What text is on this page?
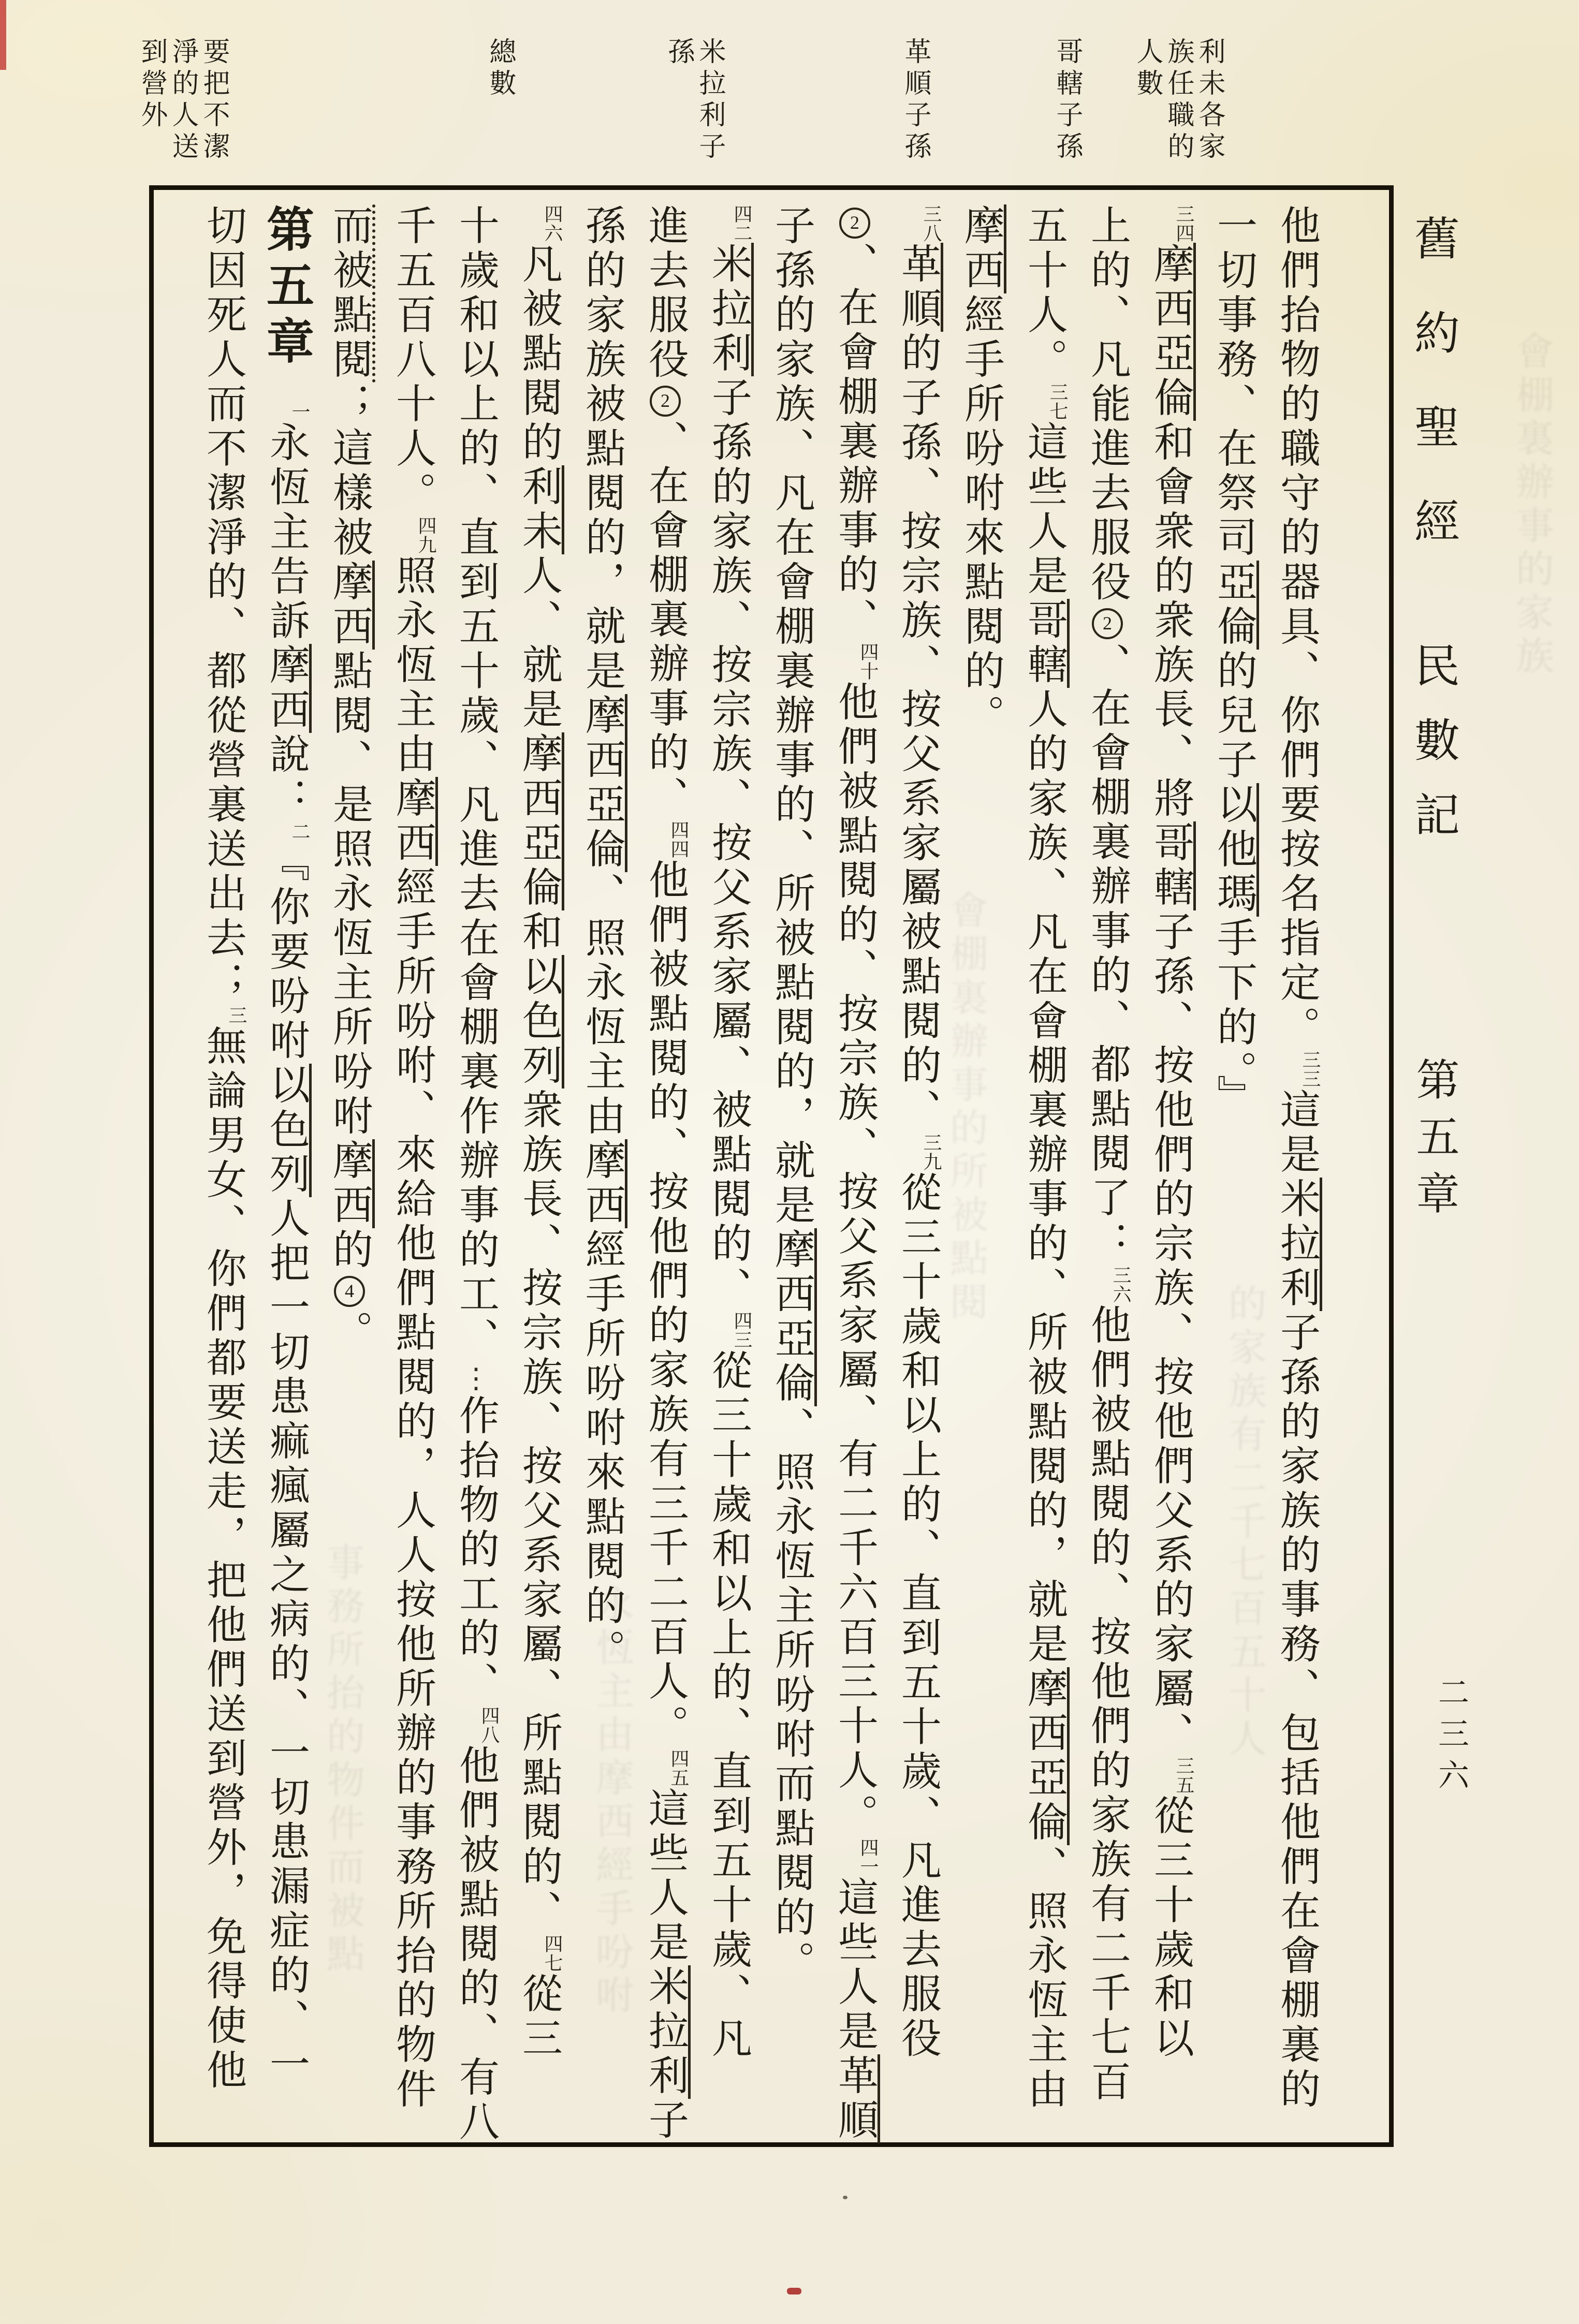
舊約聖經
民數記
第五章
二三六
利未各家
族任職的
人數
哥轄子孫
革順子孫
米拉利子
孫
總數
要把不潔
淨的人送
到營外
他們抬物的職守的器具、你們要按名指定。三三這是米拉利子孫的家族的事務、包括他們在會棚裏的
一切事務、在祭司亞倫的兒子以他瑪手下的。』
三四摩西亞倫和會衆的衆族長、將哥轄子孫、按他們的宗族、按他們父系的家屬、三五從三十歲和以
上的、凡能進去服役2、在會棚裏辦事的、都點閱了：三六他們被點閱的、按他們的家族有二千七百
五十人。三七這些人是哥轄人的家族、凡在會棚裏辦事的、所被點閱的，就是摩西亞倫、照永恆主由
摩西經手所吩咐來點閱的。
三八革順的子孫、按宗族、按父系家屬被點閱的、三九從三十歲和以上的、直到五十歲、凡進去服役
2、在會棚裏辦事的、四十他們被點閱的、按宗族、按父系家屬、有二千六百三十人。四一這些人是革順
子孫的家族、凡在會棚裏辦事的、所被點閱的，就是摩西亞倫、照永恆主所吩咐而點閱的。
四二米拉利子孫的家族、按宗族、按父系家屬、被點閱的、四三從三十歲和以上的、直到五十歲、凡
進去服役2、在會棚裏辦事的、四四他們被點閱的、按他們的家族有三千二百人。四五這些人是米拉利子
孫的家族被點閱的，就是摩西亞倫、照永恆主由摩西經手所吩咐來點閱的。
四六凡被點閱的利未人、就是摩西亞倫和以色列衆族長、按宗族、按父系家屬、所點閱的、四七從三
十歲和以上的、直到五十歲、凡進去在會棚裏作辦事的工、⋮作抬物的工的、四八他們被點閱的、有八
千五百八十人。四九照永恆主由摩西經手所吩咐、來給他們點閱的，人人按他所辦的事務所抬的物件
而被點閱；這樣被摩西點閱、是照永恆主所吩咐摩西的4。
第五章一永恆主告訴摩西說：二『你要吩咐以色列人把一切患痲瘋屬之病的、一切患漏症的、一
切因死人而不潔淨的、都從營裏送出去；三無論男女、你們都要送走，把他們送到營外，免得使他	的家族有二千七百五十人
會棚裏辦事的所被點閱
永恆主由摩西經手吩咐
事務所抬的物件而被點
會棚裏辦事的家族
